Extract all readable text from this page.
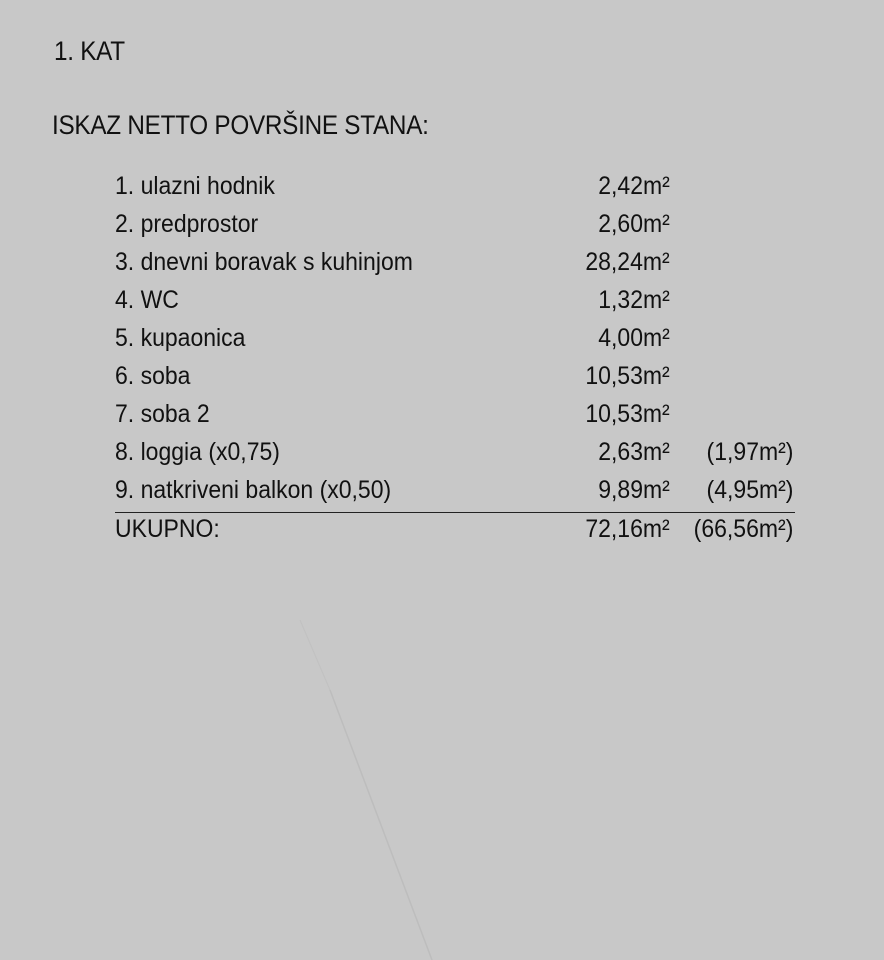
1. KAT
ISKAZ NETTO POVRŠINE STANA:
1. ulazni hodnik	2,42m²
2. predprostor	2,60m²
3. dnevni boravak s kuhinjom	28,24m²
4. WC	1,32m²
5. kupaonica	4,00m²
6. soba	10,53m²
7. soba 2	10,53m²
8. loggia (x0,75)	2,63m² (1,97m²)
9. natkriveni balkon (x0,50)	9,89m² (4,95m²)
UKUPNO:	72,16m² (66,56m²)
